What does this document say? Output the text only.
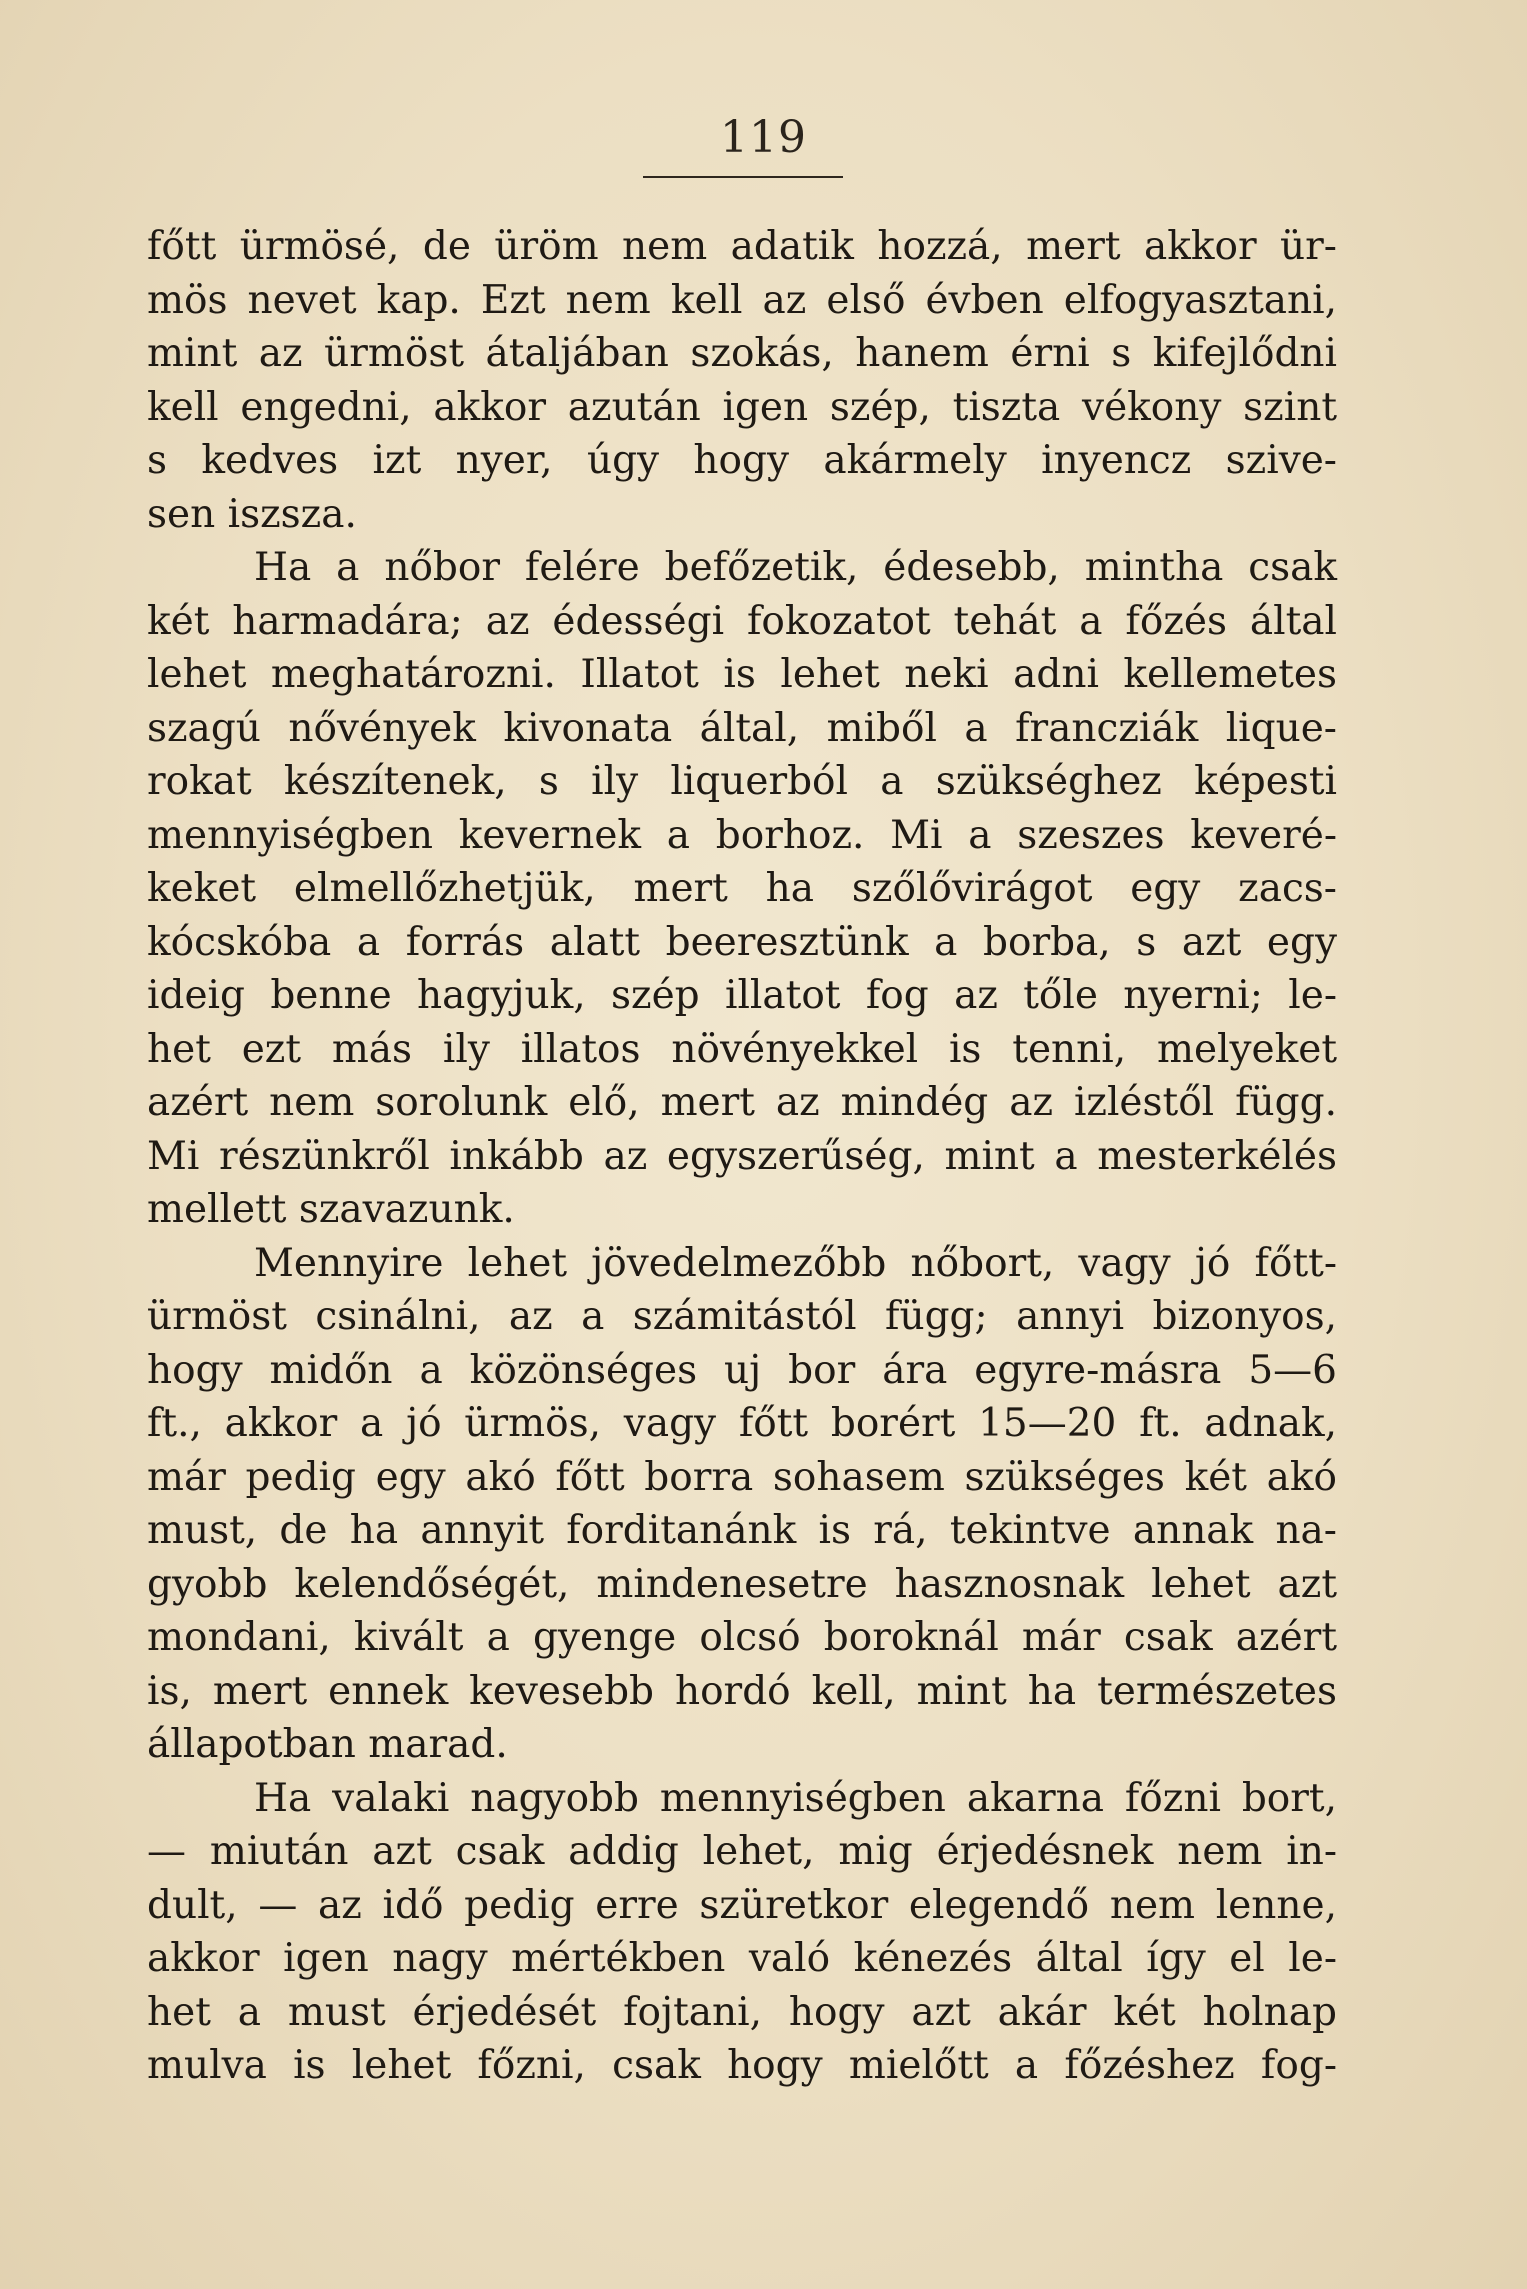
119
főtt ürmösé, de üröm nem adatik hozzá, mert akkor ür-
mös nevet kap. Ezt nem kell az első évben elfogyasztani,
mint az ürmöst átaljában szokás, hanem érni s kifejlődni
kell engedni, akkor azután igen szép, tiszta vékony szint
s kedves izt nyer, úgy hogy akármely inyencz szive-
sen iszsza.
Ha a nőbor felére befőzetik, édesebb, mintha csak
két harmadára; az édességi fokozatot tehát a főzés által
lehet meghatározni. Illatot is lehet neki adni kellemetes
szagú nővények kivonata által, miből a francziák liquе-
rokat készítenek, s ily liquerból a szükséghez képesti
mennyiségben kevernek a borhoz. Mi a szeszes keveré-
keket elmellőzhetjük, mert ha szőlővirágot egy zacs-
kócskóba a forrás alatt beeresztünk a borba, s azt egy
ideig benne hagyjuk, szép illatot fog az tőle nyerni; le-
het ezt más ily illatos növényekkel is tenni, melyeket
azért nem sorolunk elő, mert az mindég az izléstől függ.
Mi részünkről inkább az egyszerűség, mint a mesterkélés
mellett szavazunk.
Mennyire lehet jövedelmezőbb nőbort, vagy jó főtt-
ürmöst csinálni, az a számitástól függ; annyi bizonyos,
hogy midőn a közönséges uj bor ára egyre-másra 5—6
ft., akkor a jó ürmös, vagy főtt borért 15—20 ft. adnak,
már pedig egy akó főtt borra sohasem szükséges két akó
must, de ha annyit forditanánk is rá, tekintve annak na-
gyobb kelendőségét, mindenesetre hasznosnak lehet azt
mondani, kivált a gyenge olcsó boroknál már csak azért
is, mert ennek kevesebb hordó kell, mint ha természetes
állapotban marad.
Ha valaki nagyobb mennyiségben akarna főzni bort,
— miután azt csak addig lehet, mig érjedésnek nem in-
dult, — az idő pedig erre szüretkor elegendő nem lenne,
akkor igen nagy mértékben való kénezés által így el le-
het a must érjedését fojtani, hogy azt akár két holnap
mulva is lehet főzni, csak hogy mielőtt a főzéshez fog-
